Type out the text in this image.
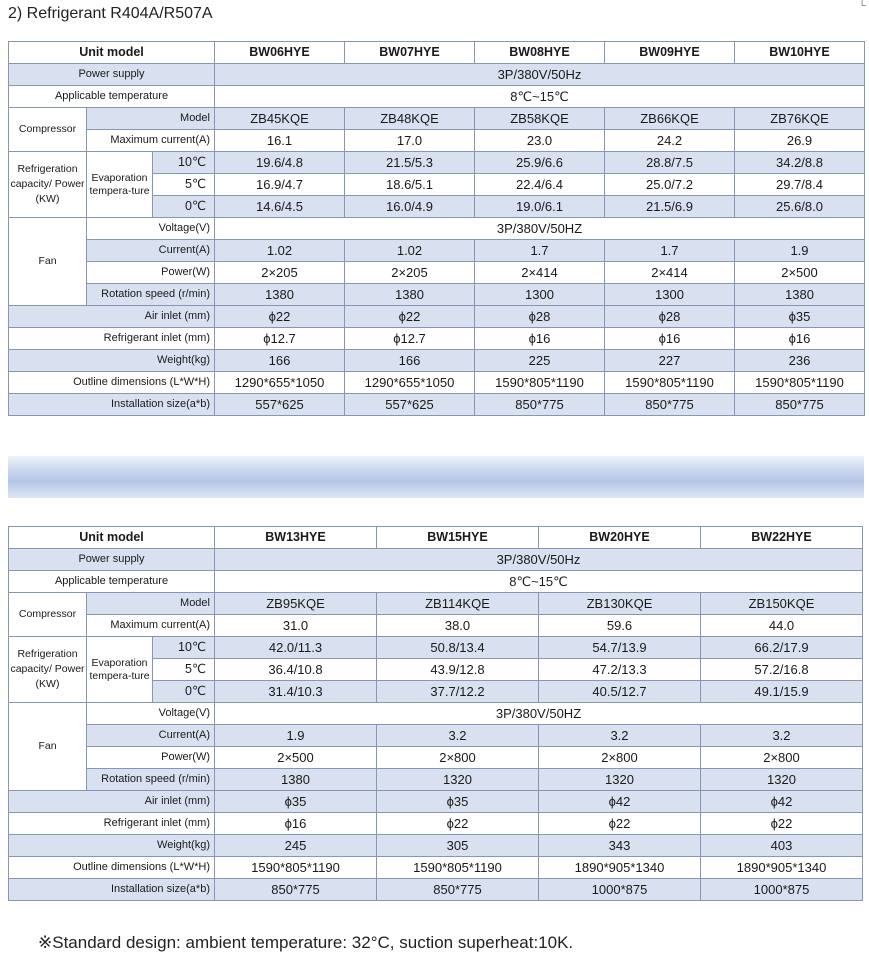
2) Refrigerant R404A/R507A	└
Unit model			BW06HYE	BW07HYE	BW08HYE	BW09HYE	BW10HYE
Power supply			3P/380V/50Hz				
Applicable temperature			8℃~15℃				
Compressor	Model		ZB45KQE	ZB48KQE	ZB58KQE	ZB66KQE	ZB76KQE
	Maximum current(A)		16.1	17.0	23.0	24.2	26.9
Refrigeration capacity/ Power (KW)	Evaporation tempera-ture	10℃	19.6/4.8	21.5/5.3	25.9/6.6	28.8/7.5	34.2/8.8
		5℃	16.9/4.7	18.6/5.1	22.4/6.4	25.0/7.2	29.7/8.4
		0℃	14.6/4.5	16.0/4.9	19.0/6.1	21.5/6.9	25.6/8.0
Fan	Voltage(V)		3P/380V/50HZ				
	Current(A)		1.02	1.02	1.7	1.7	1.9
	Power(W)		2×205	2×205	2×414	2×414	2×500
	Rotation speed (r/min)		1380	1380	1300	1300	1380
Air inlet (mm)			ϕ22	ϕ22	ϕ28	ϕ28	ϕ35
Refrigerant inlet (mm)			ϕ12.7	ϕ12.7	ϕ16	ϕ16	ϕ16
Weight(kg)			166	166	225	227	236
Outline dimensions (L*W*H)			1290*655*1050	1290*655*1050	1590*805*1190	1590*805*1190	1590*805*1190
Installation size(a*b)			557*625	557*625	850*775	850*775	850*775
Unit model			BW13HYE	BW15HYE	BW20HYE	BW22HYE
Power supply			3P/380V/50Hz			
Applicable temperature			8℃~15℃			
Compressor	Model		ZB95KQE	ZB114KQE	ZB130KQE	ZB150KQE
	Maximum current(A)		31.0	38.0	59.6	44.0
Refrigeration capacity/ Power (KW)	Evaporation tempera-ture	10℃	42.0/11.3	50.8/13.4	54.7/13.9	66.2/17.9
		5℃	36.4/10.8	43.9/12.8	47.2/13.3	57.2/16.8
		0℃	31.4/10.3	37.7/12.2	40.5/12.7	49.1/15.9
Fan	Voltage(V)		3P/380V/50HZ			
	Current(A)		1.9	3.2	3.2	3.2
	Power(W)		2×500	2×800	2×800	2×800
	Rotation speed (r/min)		1380	1320	1320	1320
Air inlet (mm)			ϕ35	ϕ35	ϕ42	ϕ42
Refrigerant inlet (mm)			ϕ16	ϕ22	ϕ22	ϕ22
Weight(kg)			245	305	343	403
Outline dimensions (L*W*H)			1590*805*1190	1590*805*1190	1890*905*1340	1890*905*1340
Installation size(a*b)			850*775	850*775	1000*875	1000*875
※Standard design: ambient temperature: 32°C, suction superheat:10K.
